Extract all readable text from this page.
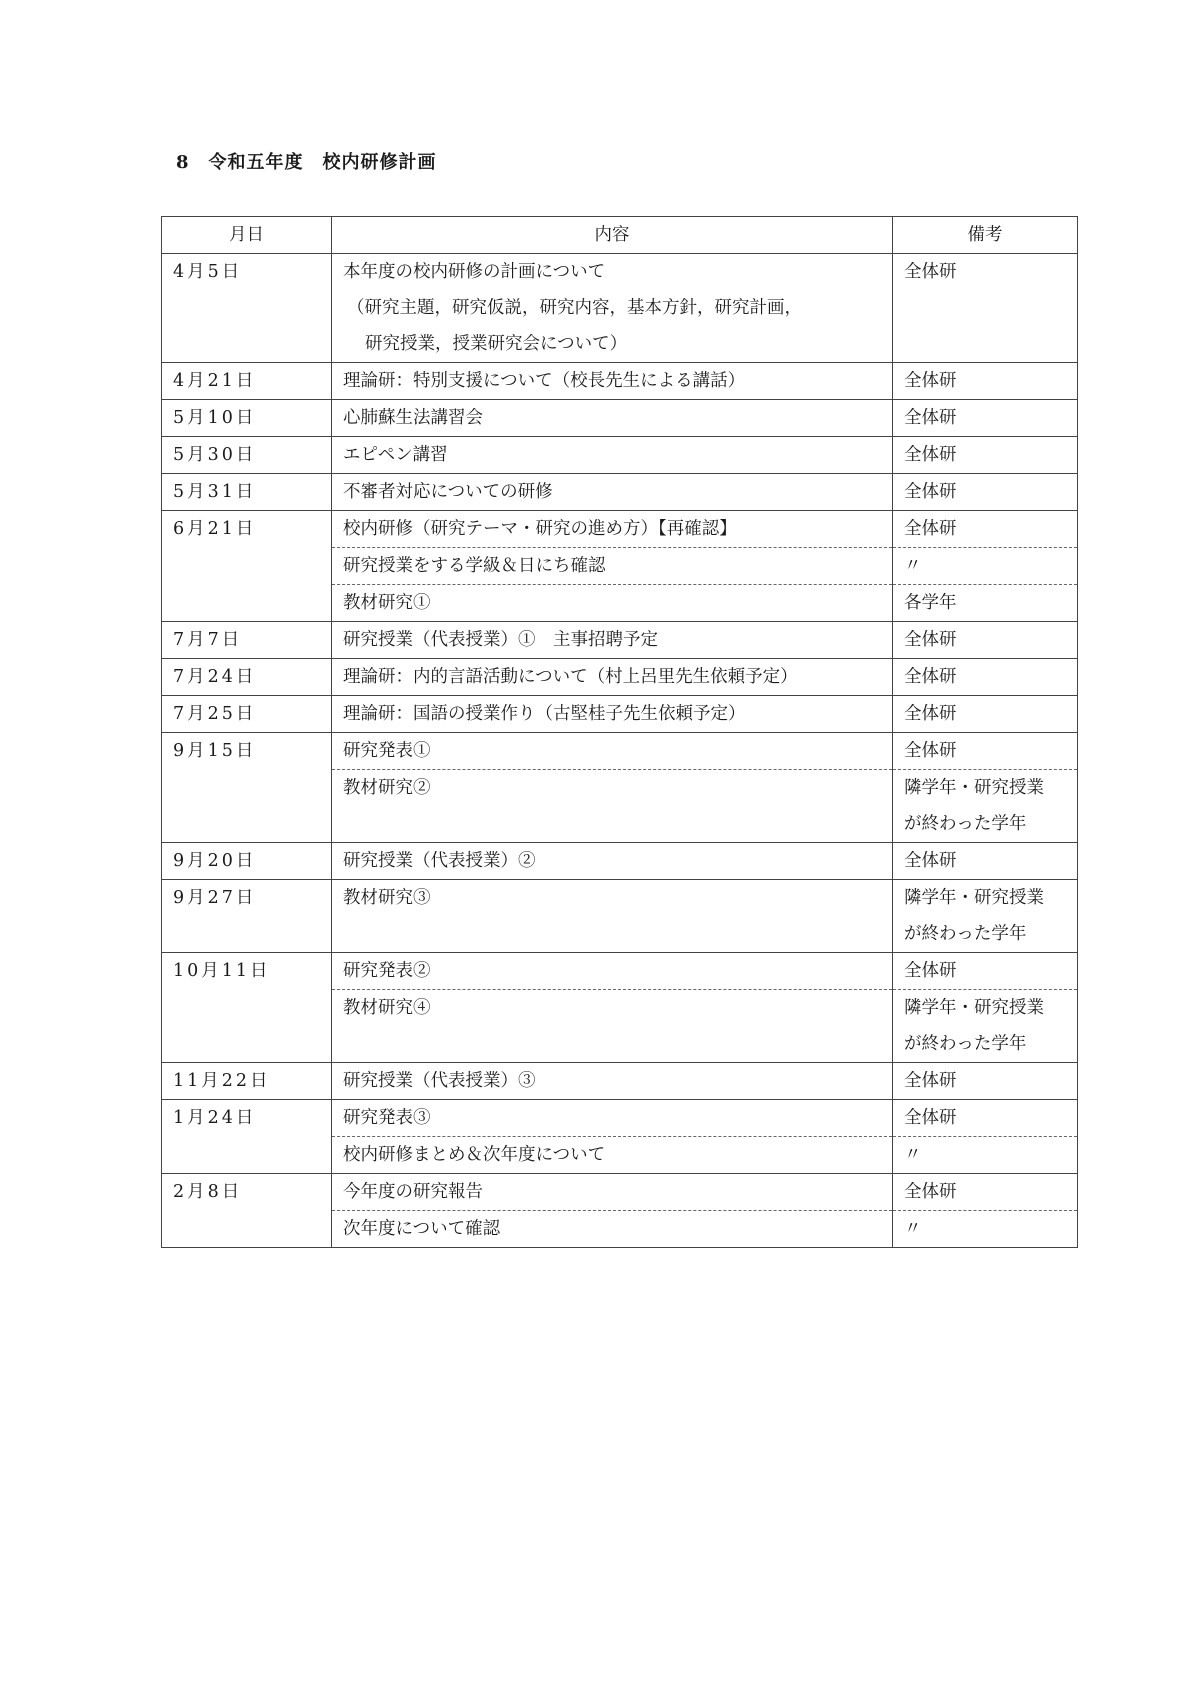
8　令和五年度　校内研修計画
月日	内容	備考
4月5日	本年度の校内研修の計画について
（研究主題，研究仮説，研究内容，基本方針，研究計画，
研究授業，授業研究会について）	全体研

4月21日	理論研：特別支援について（校長先生による講話）	全体研

5月10日	心肺蘇生法講習会	全体研

5月30日	エピペン講習	全体研

5月31日	不審者対応についての研修	全体研

6月21日	校内研修（研究テーマ・研究の進め方）【再確認】	全体研

	研究授業をする学級＆日にち確認	〃

	教材研究①	各学年

7月7日	研究授業（代表授業）①　主事招聘予定	全体研

7月24日	理論研：内的言語活動について（村上呂里先生依頼予定）	全体研

7月25日	理論研：国語の授業作り（古堅桂子先生依頼予定）	全体研

9月15日	研究発表①	全体研

	教材研究②	隣学年・研究授業
が終わった学年

9月20日	研究授業（代表授業）②	全体研

9月27日	教材研究③	隣学年・研究授業
が終わった学年

10月11日	研究発表②	全体研

	教材研究④	隣学年・研究授業
が終わった学年

11月22日	研究授業（代表授業）③	全体研

1月24日	研究発表③	全体研

	校内研修まとめ＆次年度について	〃

2月8日	今年度の研究報告	全体研

	次年度について確認	〃
